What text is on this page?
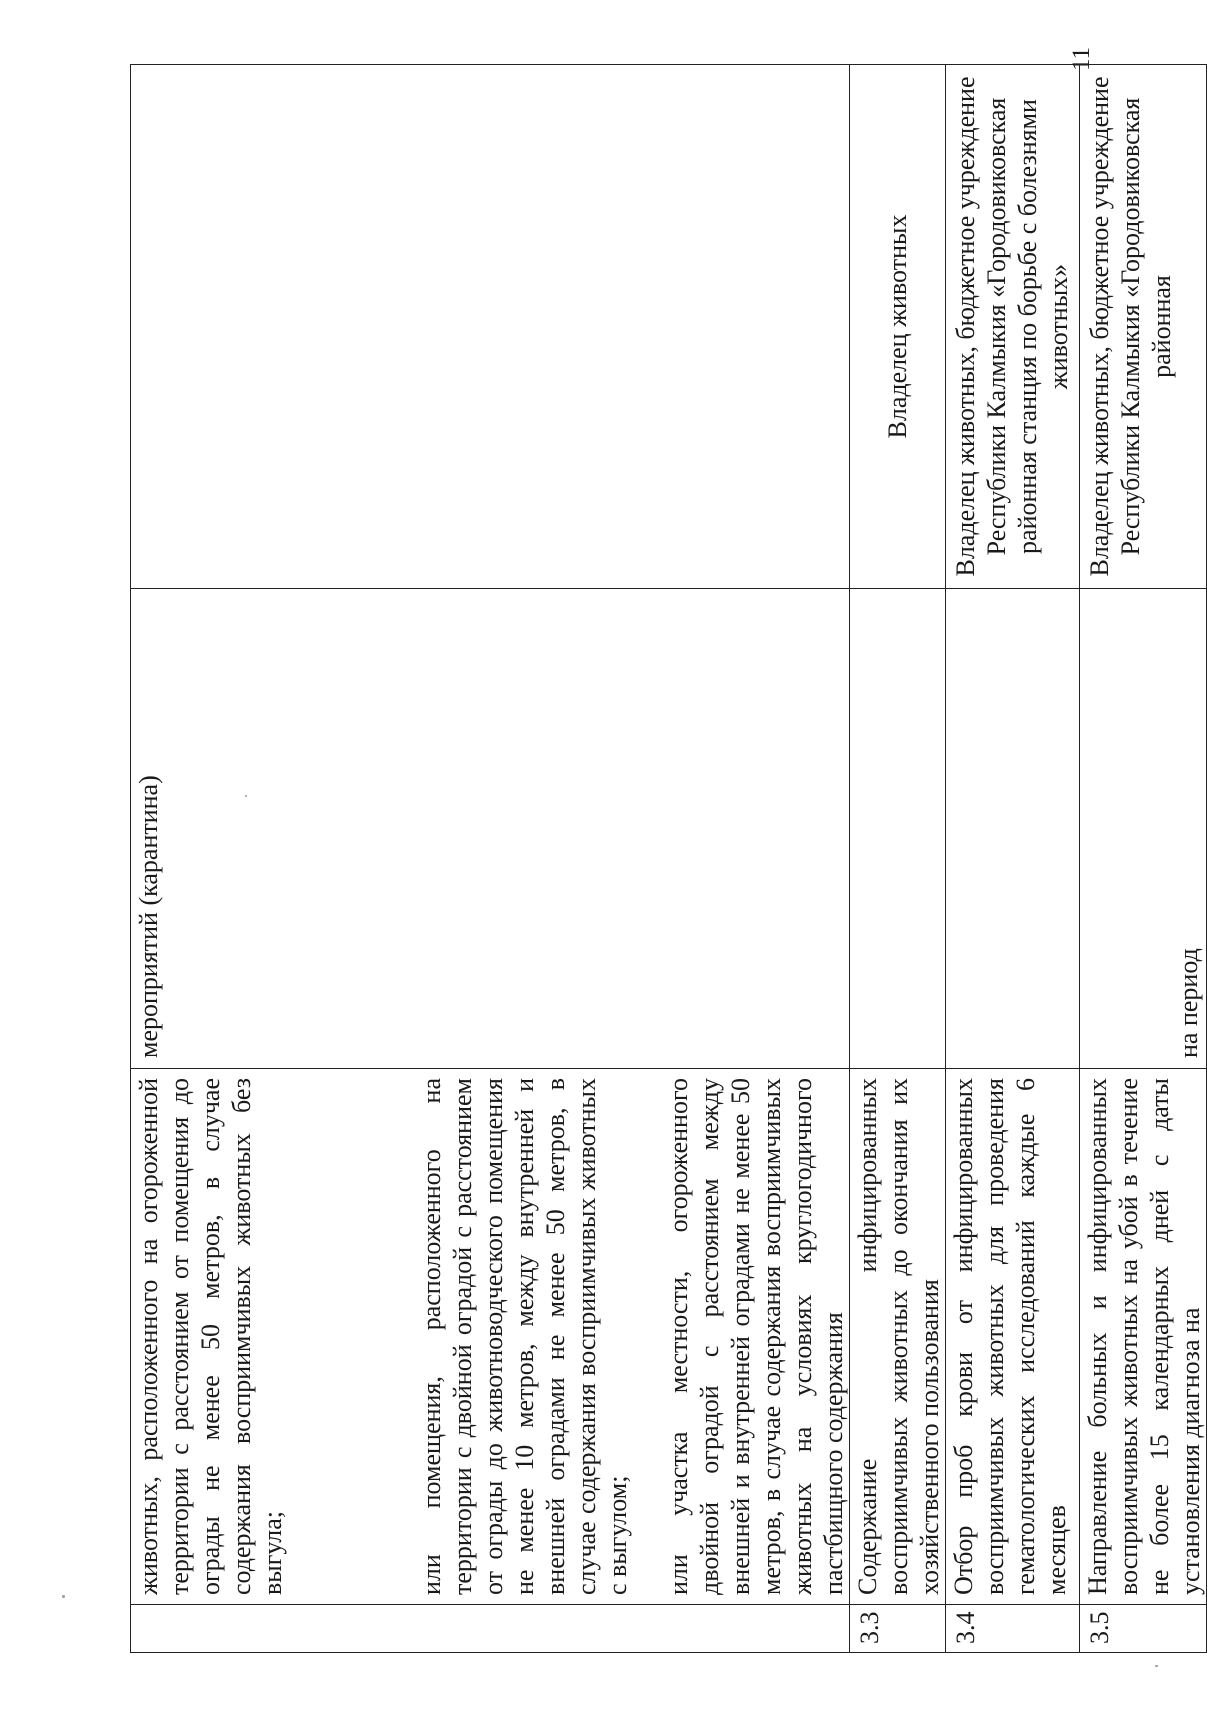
11

	животных, расположенного на огороженной территории с расстоянием от помещения до ограды не менее 50 метров, в случае содержания восприимчивых животных без выгула; или помещения, расположенного на территории с двойной оградой с расстоянием от ограды до животноводческого помещения не менее 10 метров, между внутренней и внешней оградами не менее 50 метров, в случае содержания восприимчивых животных с выгулом; или участка местности, огороженного двойной оградой с расстоянием между внешней и внутренней оградами не менее 50 метров, в случае содержания восприимчивых животных на условиях круглогодичного пастбищного содержания	мероприятий (карантина)	
3.3	Содержание инфицированных восприимчивых животных до окончания их хозяйственного пользования		Владелец животных
3.4	Отбор проб крови от инфицированных восприимчивых животных для проведения гематологических исследований каждые 6 месяцев		Владелец животных, бюджетное учреждение Республики Калмыкия «Городовиковская районная станция по борьбе с болезнями животных»
3.5	Направление больных и инфицированных восприимчивых животных на убой в течение не более 15 календарных дней с даты установления диагноза на	на период	Владелец животных, бюджетное учреждение Республики Калмыкия «Городовиковская районная
